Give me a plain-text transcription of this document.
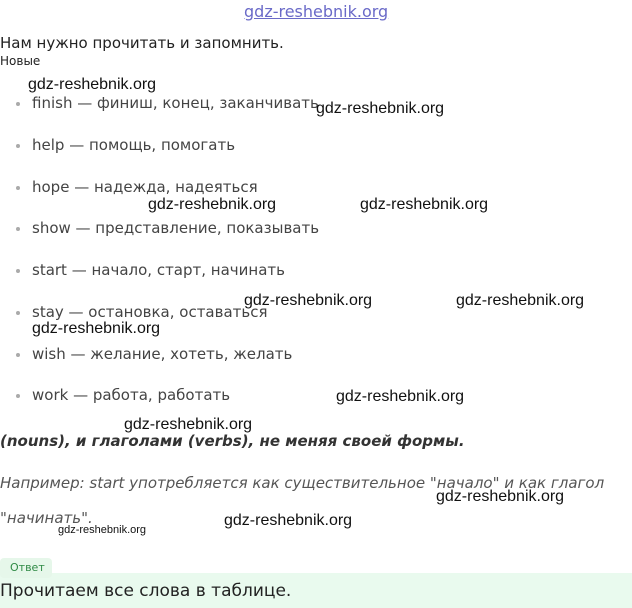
gdz-reshebnik.org
Нам нужно прочитать и запомнить.
Новые
finish — финиш, конец, заканчивать
help — помощь, помогать
hope — надежда, надеяться
show — представление, показывать
start — начало, старт, начинать
stay — остановка, оставаться
wish — желание, хотеть, желать
work — работа, работать
(nouns), и глаголами (verbs), не меняя своей формы.
Например: start употребляется как существительное "начало" и как глагол
"начинать".
Ответ
Прочитаем все слова в таблице.
gdz-reshebnik.org
gdz-reshebnik.org
gdz-reshebnik.org	gdz-reshebnik.org
gdz-reshebnik.org	gdz-reshebnik.org
gdz-reshebnik.org
gdz-reshebnik.org
gdz-reshebnik.org
gdz-reshebnik.org
gdz-reshebnik.org
gdz-reshebnik.org
